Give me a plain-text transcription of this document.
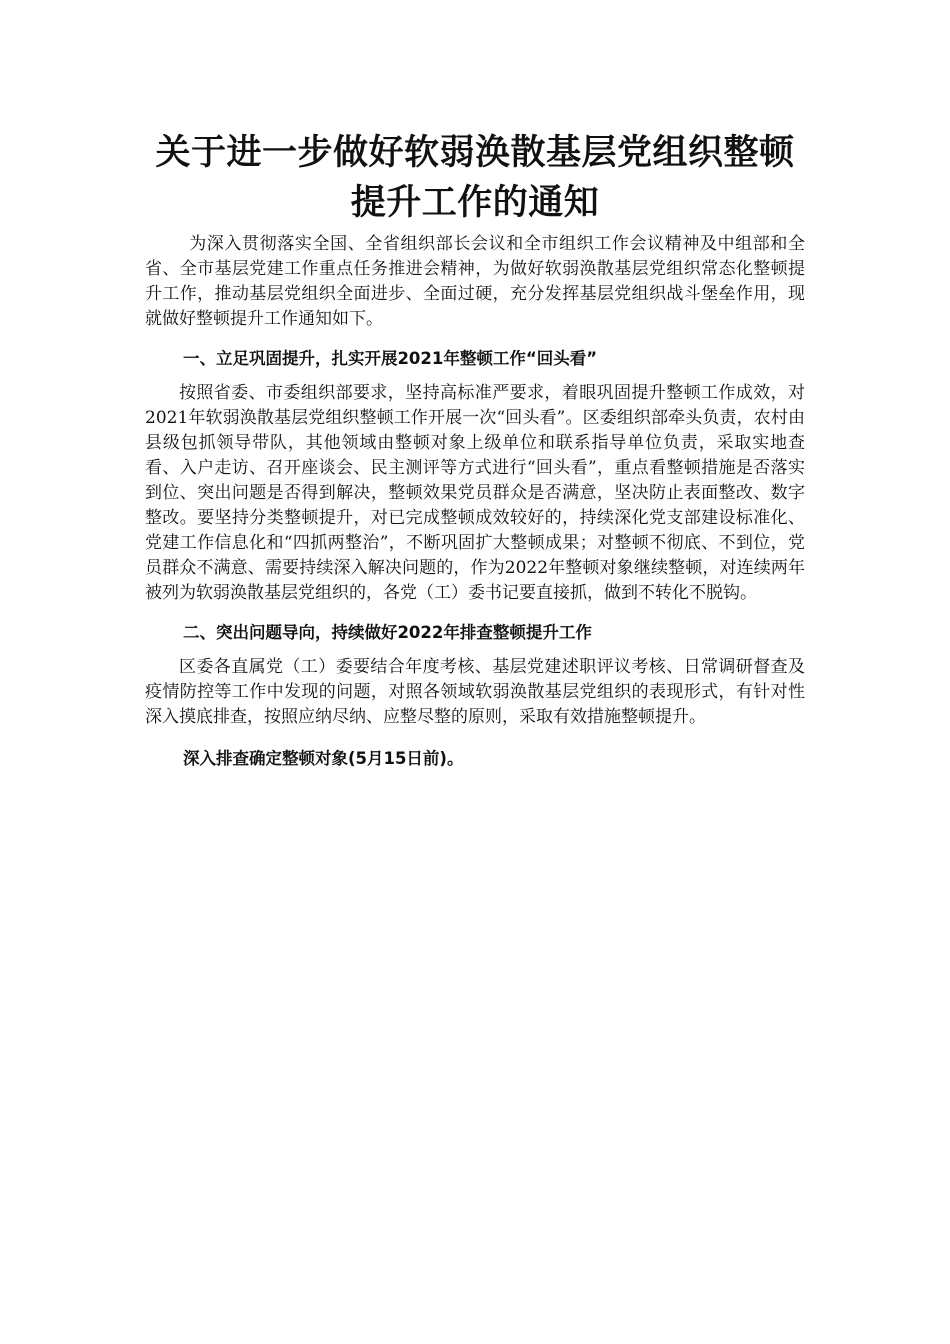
关于进一步做好软弱涣散基层党组织整顿
提升工作的通知

为深入贯彻落实全国、全省组织部长会议和全市组织工作会议精神及中组部和全省、全市基层党建工作重点任务推进会精神，为做好软弱涣散基层党组织常态化整顿提升工作，推动基层党组织全面进步、全面过硬，充分发挥基层党组织战斗堡垒作用，现就做好整顿提升工作通知如下。

一、立足巩固提升，扎实开展2021年整顿工作“回头看”

按照省委、市委组织部要求，坚持高标准严要求，着眼巩固提升整顿工作成效，对2021年软弱涣散基层党组织整顿工作开展一次“回头看”。区委组织部牵头负责，农村由县级包抓领导带队，其他领域由整顿对象上级单位和联系指导单位负责，采取实地查看、入户走访、召开座谈会、民主测评等方式进行“回头看”，重点看整顿措施是否落实到位、突出问题是否得到解决，整顿效果党员群众是否满意，坚决防止表面整改、数字整改。要坚持分类整顿提升，对已完成整顿成效较好的，持续深化党支部建设标准化、党建工作信息化和“四抓两整治”，不断巩固扩大整顿成果；对整顿不彻底、不到位，党员群众不满意、需要持续深入解决问题的，作为2022年整顿对象继续整顿，对连续两年被列为软弱涣散基层党组织的，各党（工）委书记要直接抓，做到不转化不脱钩。

二、突出问题导向，持续做好2022年排查整顿提升工作

区委各直属党（工）委要结合年度考核、基层党建述职评议考核、日常调研督查及疫情防控等工作中发现的问题，对照各领域软弱涣散基层党组织的表现形式，有针对性深入摸底排查，按照应纳尽纳、应整尽整的原则，采取有效措施整顿提升。

深入排查确定整顿对象(5月15日前)。
